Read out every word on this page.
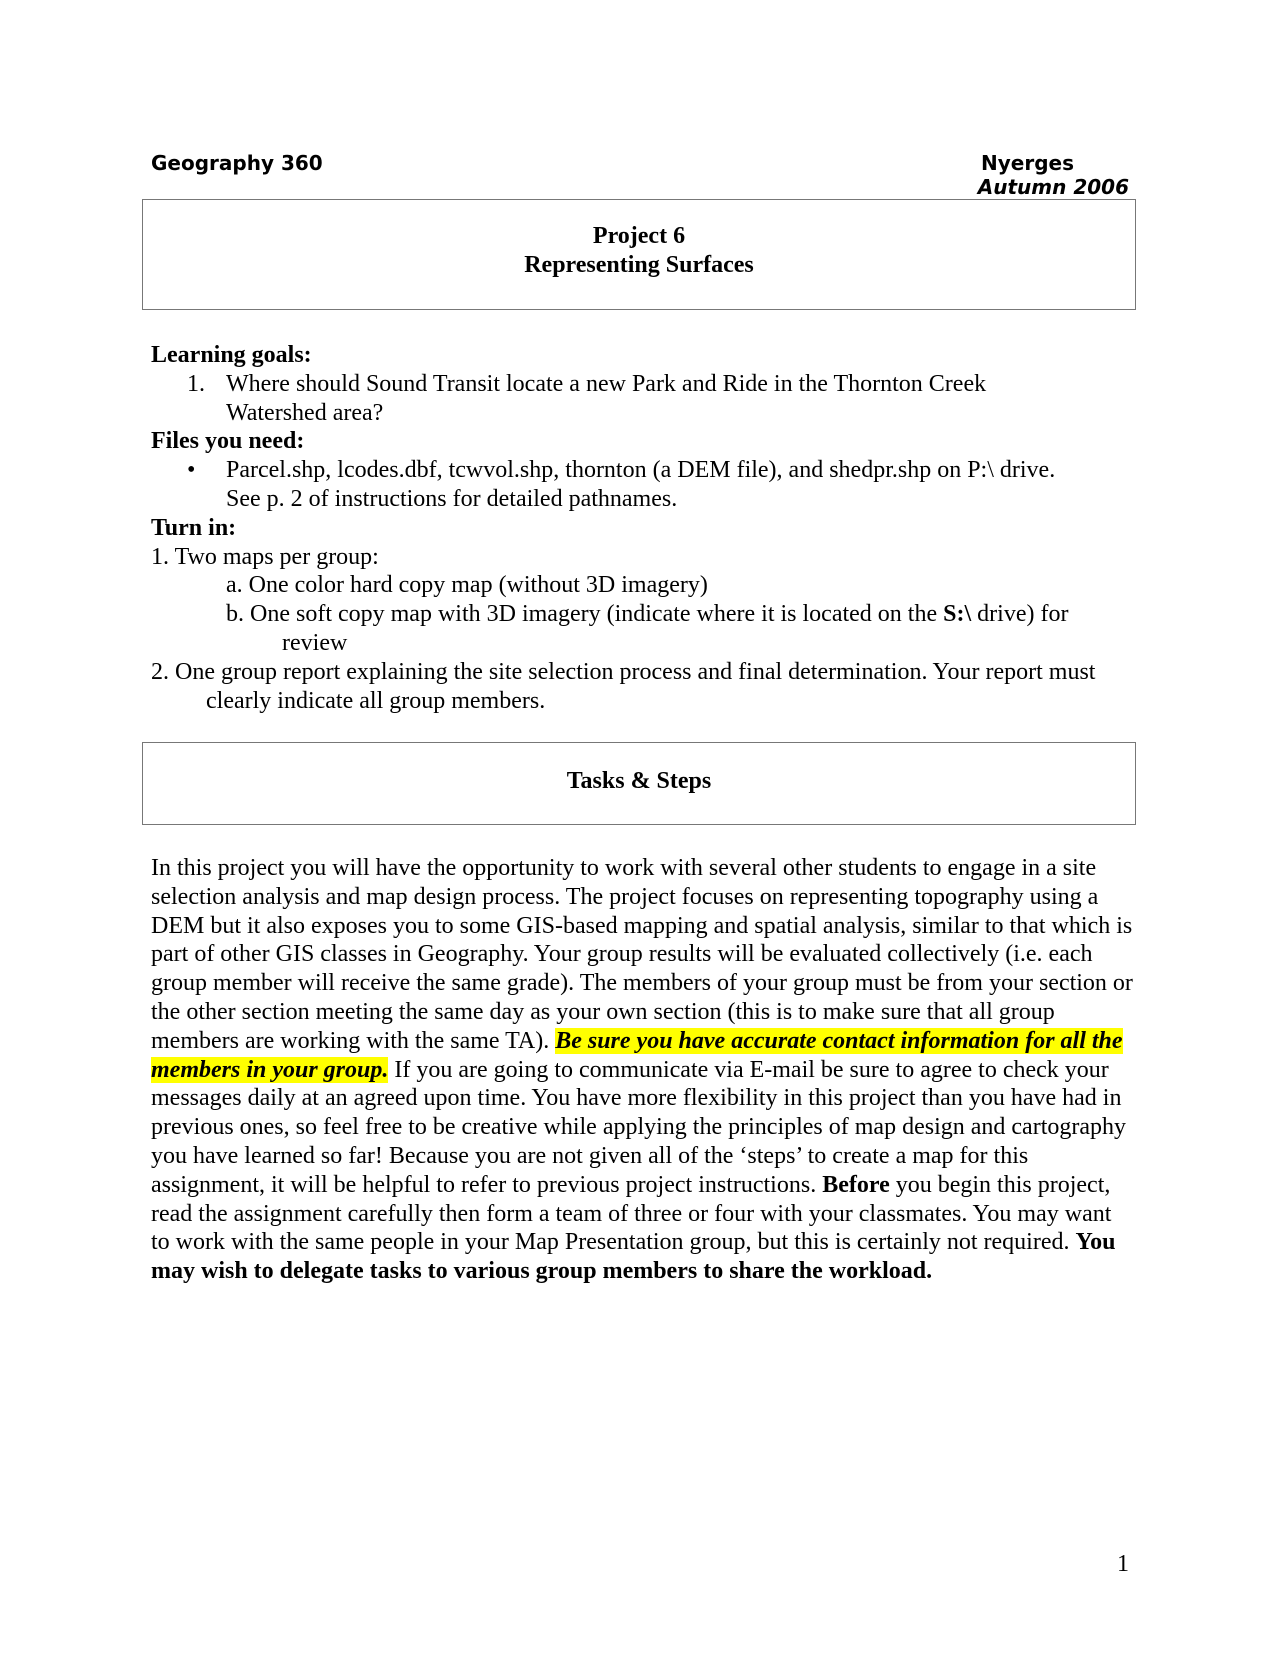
Geography 360	Nyerges
Autumn 2006
Project 6
Representing Surfaces
Learning goals:
1. Where should Sound Transit locate a new Park and Ride in the Thornton Creek
Watershed area?
Files you need:
• Parcel.shp, lcodes.dbf, tcwvol.shp, thornton (a DEM file), and shedpr.shp on P:\ drive.
See p. 2 of instructions for detailed pathnames.
Turn in:
1. Two maps per group:
a. One color hard copy map (without 3D imagery)
b. One soft copy map with 3D imagery (indicate where it is located on the S:\ drive) for
review
2. One group report explaining the site selection process and final determination. Your report must clearly indicate all group members.
Tasks & Steps

In this project you will have the opportunity to work with several other students to engage in a site selection analysis and map design process. The project focuses on representing topography using a DEM but it also exposes you to some GIS-based mapping and spatial analysis, similar to that which is part of other GIS classes in Geography. Your group results will be evaluated collectively (i.e. each group member will receive the same grade). The members of your group must be from your section or the other section meeting the same day as your own section (this is to make sure that all group members are working with the same TA). Be sure you have accurate contact information for all the members in your group. If you are going to communicate via E-mail be sure to agree to check your messages daily at an agreed upon time. You have more flexibility in this project than you have had in previous ones, so feel free to be creative while applying the principles of map design and cartography you have learned so far! Because you are not given all of the ‘steps’ to create a map for this assignment, it will be helpful to refer to previous project instructions. Before you begin this project, read the assignment carefully then form a team of three or four with your classmates. You may want to work with the same people in your Map Presentation group, but this is certainly not required. You may wish to delegate tasks to various group members to share the workload.

1
